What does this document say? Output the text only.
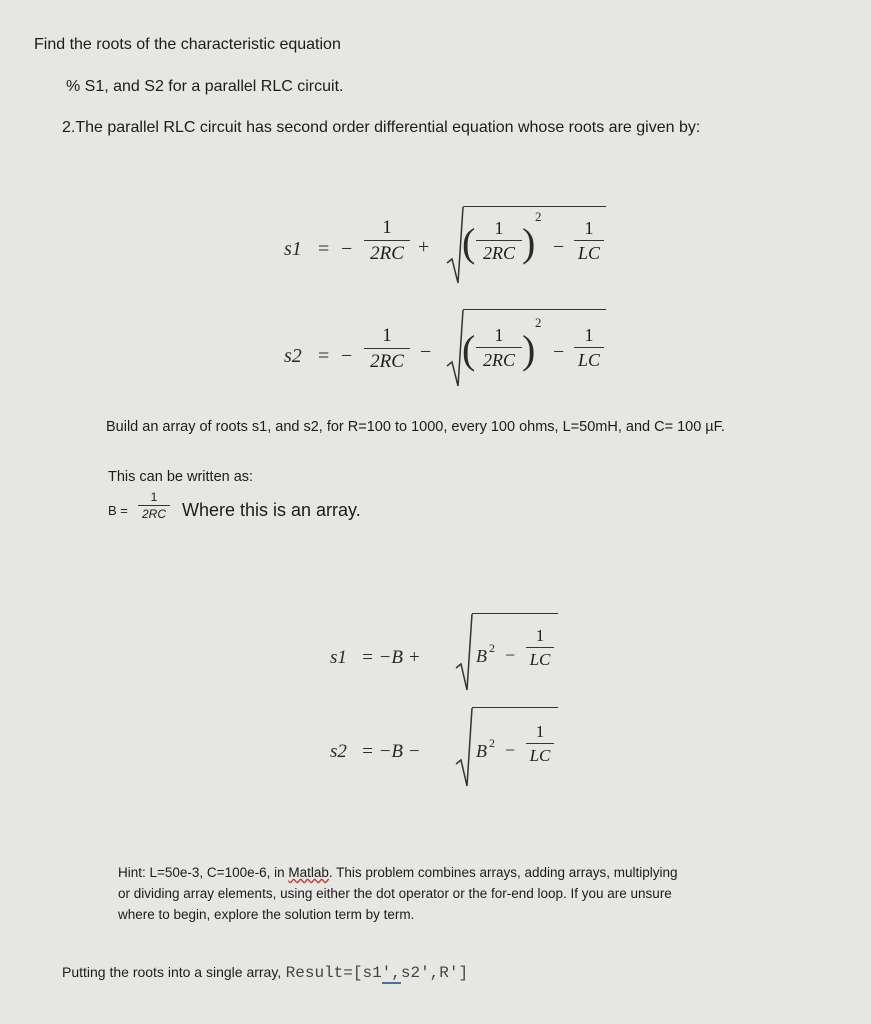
Find the roots of the characteristic equation
% S1, and S2 for a parallel RLC circuit.
2.The parallel RLC circuit has second order differential equation whose roots are given by:
s1 = −
1
2RC + (	1
2RC )
2
−
1
LC
s2 = −
1
2RC − (	1
2RC )
2
−
1
LC
Build an array of roots s1, and s2, for R=100 to 1000, every 100 ohms, L=50mH, and C= 100 µF.
This can be written as:
B =
1
2RC Where this is an array.
s1 = −B +	B 2 −
1
LC
s2 = −B −	B 2 −
1
LC
Hint: L=50e-3, C=100e-6, in Matlab. This problem combines arrays, adding arrays, multiplying
or dividing array elements, using either the dot operator or the for-end loop. If you are unsure
where to begin, explore the solution term by term.
Putting the roots into a single array, Result=[s1',s2',R']
